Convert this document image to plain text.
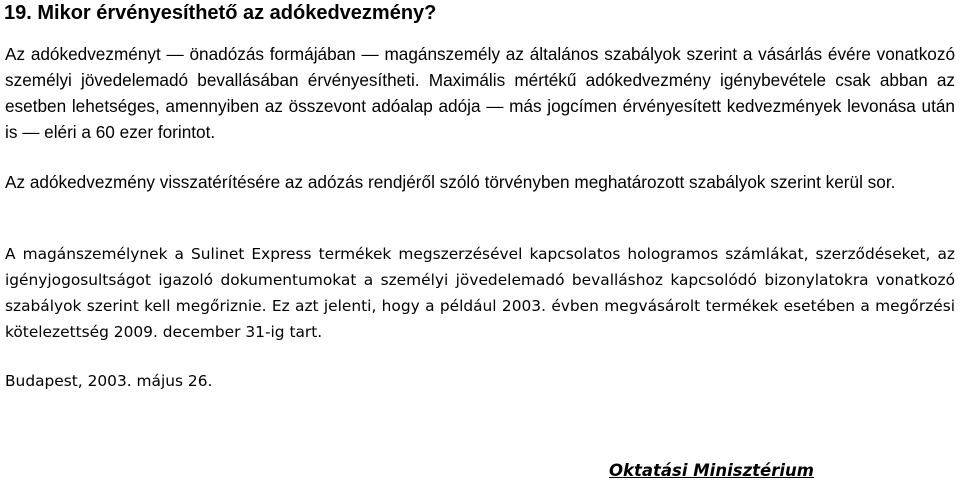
19. Mikor érvényesíthető az adókedvezmény?

Az adókedvezményt — önadózás formájában — magánszemély az általános szabályok szerint a vásárlás évére vonatkozó személyi jövedelemadó bevallásában érvényesítheti. Maximális mértékű adókedvezmény igénybevétele csak abban az esetben lehetséges, amennyiben az összevont adóalap adója — más jogcímen érvényesített kedvezmények levonása után is — eléri a 60 ezer forintot.

Az adókedvezmény visszatérítésére az adózás rendjéről szóló törvényben meghatározott szabályok szerint kerül sor.

A magánszemélynek a Sulinet Express termékek megszerzésével kapcsolatos hologramos számlákat, szerződéseket, az igényjogosultságot igazoló dokumentumokat a személyi jövedelemadó bevalláshoz kapcsolódó bizonylatokra vonatkozó szabályok szerint kell megőriznie. Ez azt jelenti, hogy a például 2003. évben megvásárolt termékek esetében a megőrzési kötelezettség 2009. december 31-ig tart.

Budapest, 2003. május 26.

Oktatási Minisztérium
